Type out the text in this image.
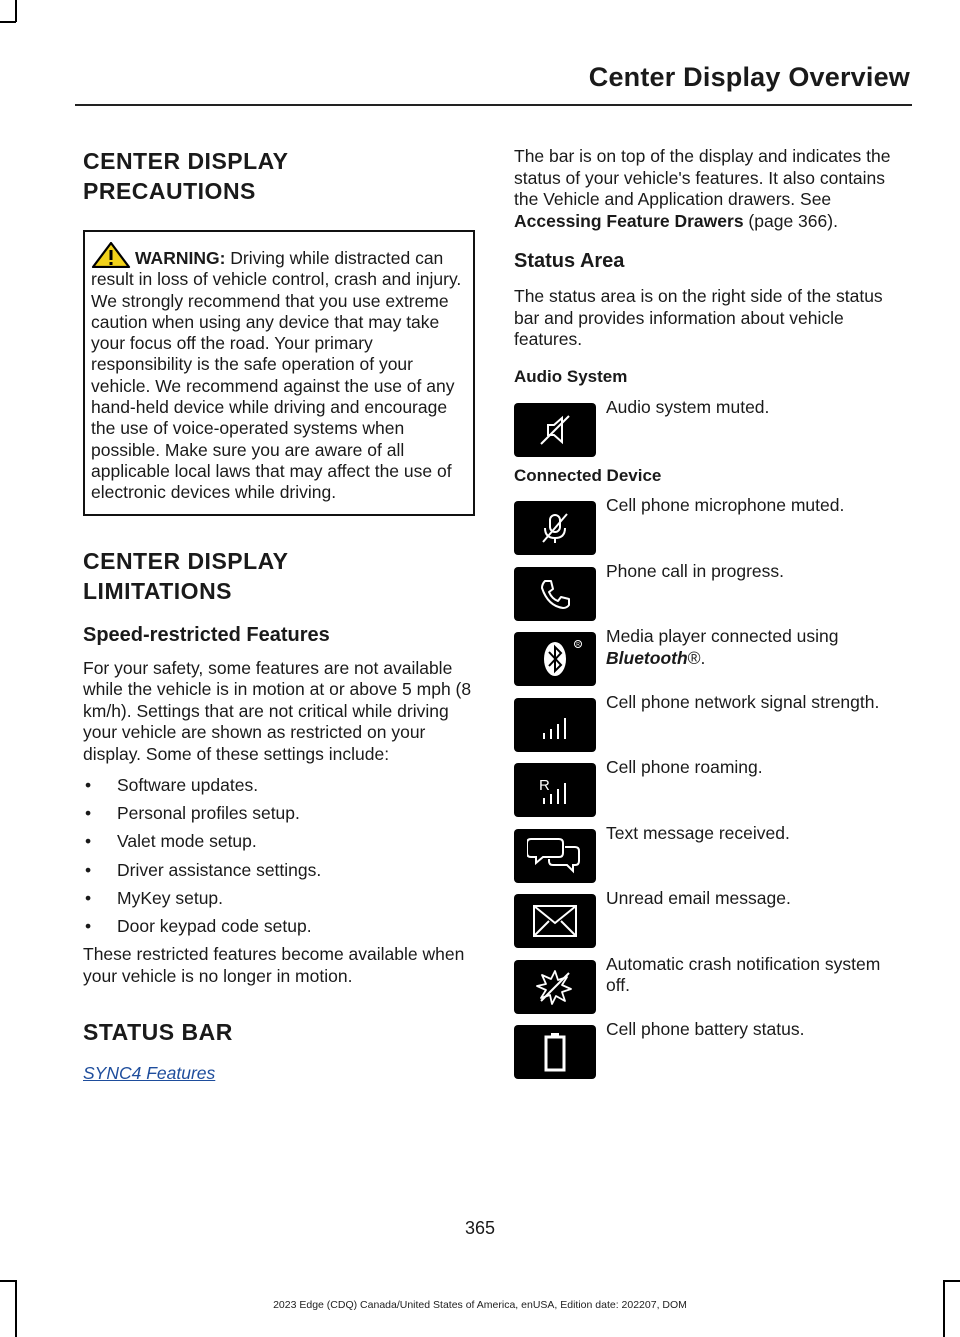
Center Display Overview
CENTER DISPLAY
PRECAUTIONS
WARNING: Driving while distracted can result in loss of vehicle control, crash and injury. We strongly recommend that you use extreme caution when using any device that may take your focus off the road. Your primary responsibility is the safe operation of your vehicle. We recommend against the use of any hand-held device while driving and encourage the use of voice-operated systems when possible. Make sure you are aware of all applicable local laws that may affect the use of electronic devices while driving.
CENTER DISPLAY
LIMITATIONS
Speed-restricted Features

For your safety, some features are not available while the vehicle is in motion at or above 5 mph (8 km/h). Settings that are not critical while driving your vehicle are shown as restricted on your display. Some of these settings include:

• Software updates.
• Personal profiles setup.
• Valet mode setup.
• Driver assistance settings.
• MyKey setup.
• Door keypad code setup.

These restricted features become available when your vehicle is no longer in motion.

STATUS BAR
SYNC4 Features

The bar is on top of the display and indicates the status of your vehicle's features. It also contains the Vehicle and Application drawers. See Accessing Feature Drawers (page 366).

Status Area

The status area is on the right side of the status bar and provides information about vehicle features.

Audio System
Audio system muted.
Connected Device
Cell phone microphone muted.
Phone call in progress.
R Media player connected using Bluetooth®.
Cell phone network signal strength.
R
Cell phone roaming.
Text message received.
Unread email message.
Automatic crash notification system off.
Cell phone battery status.
365
2023 Edge (CDQ) Canada/United States of America, enUSA, Edition date: 202207, DOM
